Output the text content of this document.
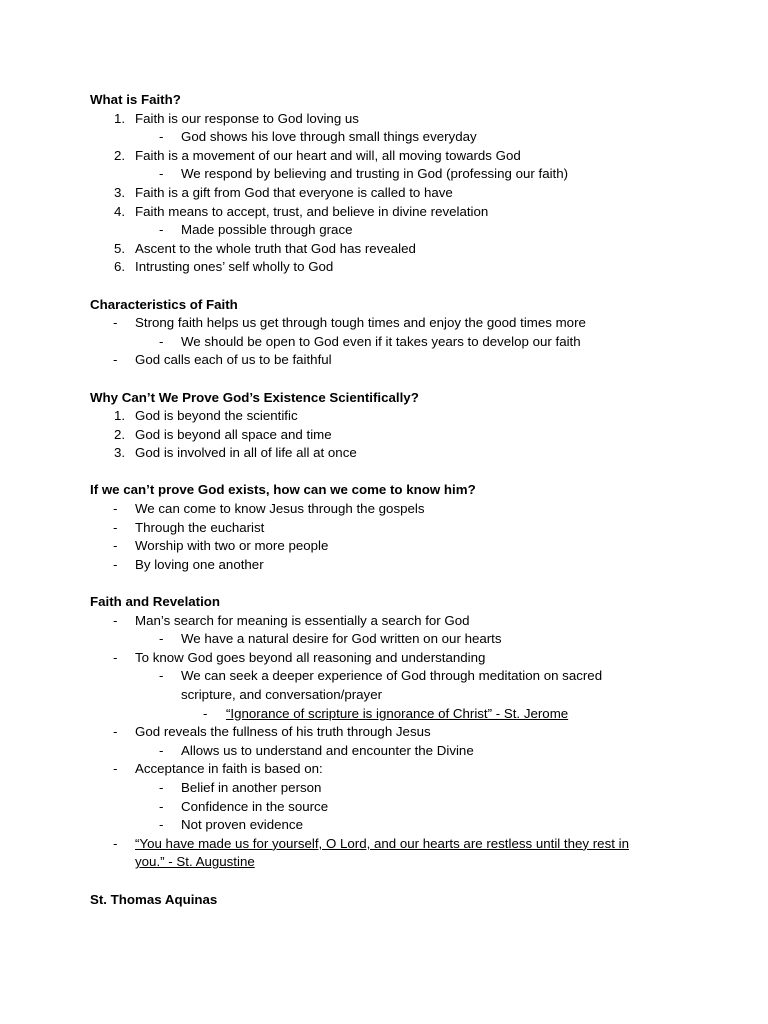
What is Faith?
1. Faith is our response to God loving us
- God shows his love through small things everyday
2. Faith is a movement of our heart and will, all moving towards God
- We respond by believing and trusting in God (professing our faith)
3. Faith is a gift from God that everyone is called to have
4. Faith means to accept, trust, and believe in divine revelation
- Made possible through grace
5. Ascent to the whole truth that God has revealed
6. Intrusting ones’ self wholly to God
Characteristics of Faith
- Strong faith helps us get through tough times and enjoy the good times more
- We should be open to God even if it takes years to develop our faith
- God calls each of us to be faithful
Why Can’t We Prove God’s Existence Scientifically?
1. God is beyond the scientific
2. God is beyond all space and time
3. God is involved in all of life all at once
If we can’t prove God exists, how can we come to know him?
- We can come to know Jesus through the gospels
- Through the eucharist
- Worship with two or more people
- By loving one another
Faith and Revelation
- Man’s search for meaning is essentially a search for God
- We have a natural desire for God written on our hearts
- To know God goes beyond all reasoning and understanding
- We can seek a deeper experience of God through meditation on sacred scripture, and conversation/prayer
- “Ignorance of scripture is ignorance of Christ” - St. Jerome
- God reveals the fullness of his truth through Jesus
- Allows us to understand and encounter the Divine
- Acceptance in faith is based on:
- Belief in another person
- Confidence in the source
- Not proven evidence
- “You have made us for yourself, O Lord, and our hearts are restless until they rest in you.” - St. Augustine
St. Thomas Aquinas
